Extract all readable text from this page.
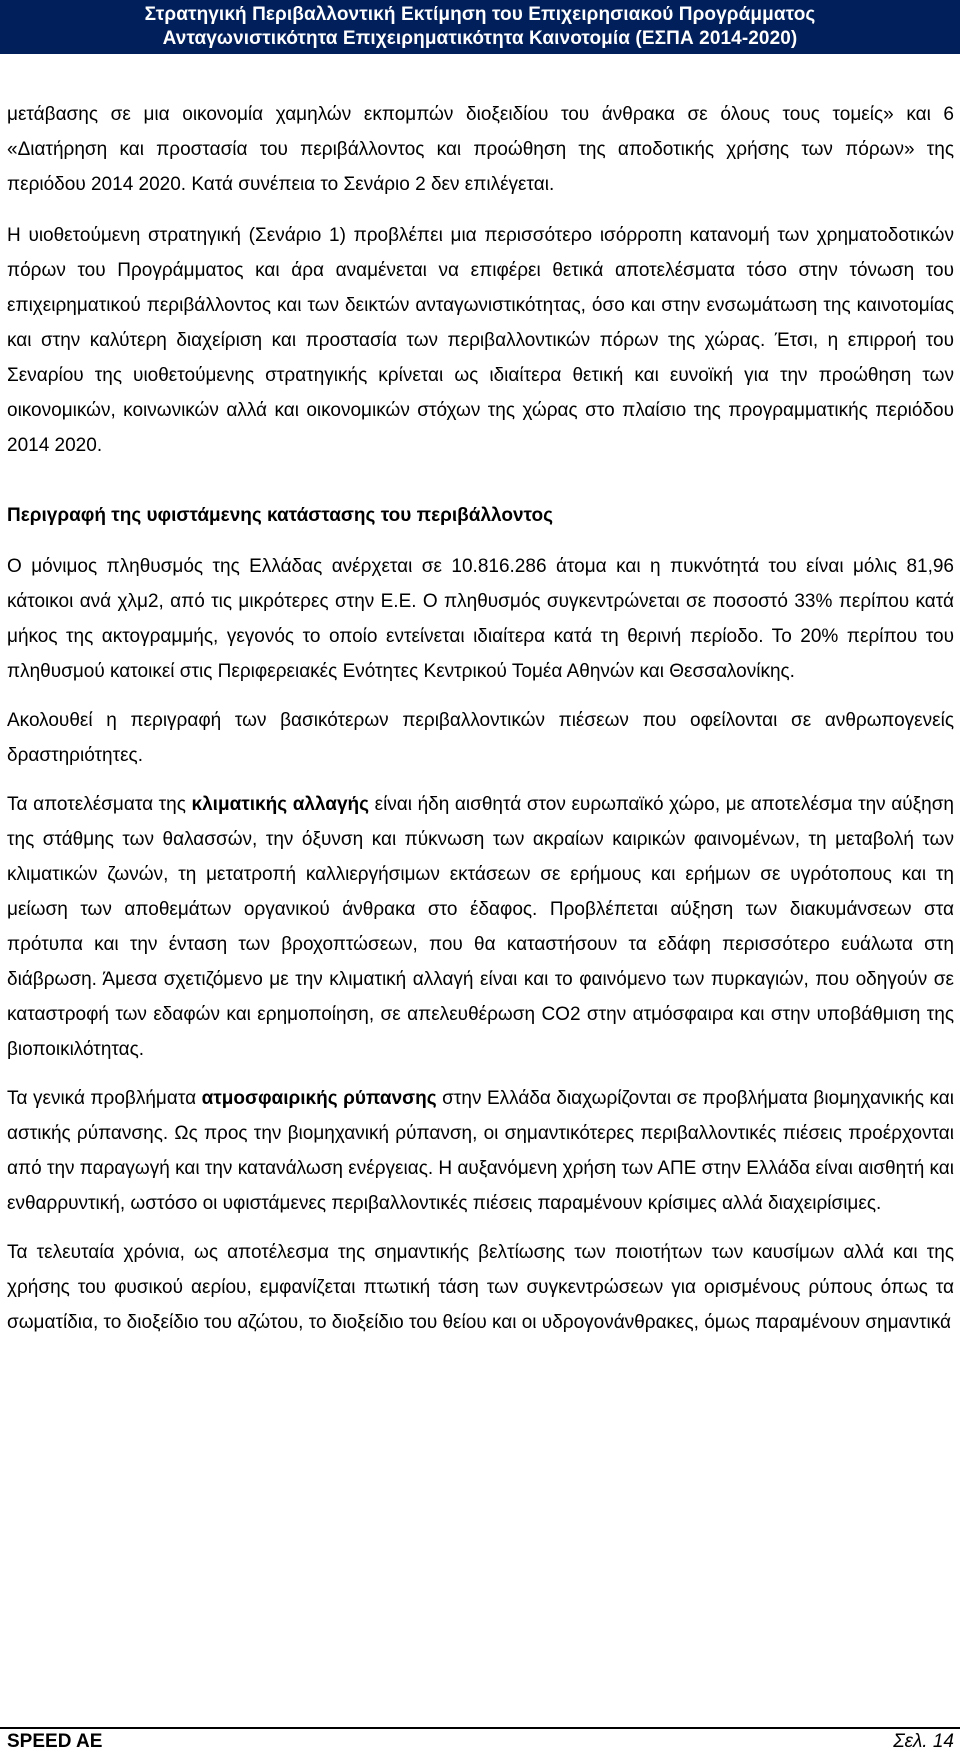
Στρατηγική Περιβαλλοντική Εκτίμηση του Επιχειρησιακού Προγράμματος
Ανταγωνιστικότητα Επιχειρηματικότητα Καινοτομία (ΕΣΠΑ 2014-2020)

μετάβασης σε μια οικονομία χαμηλών εκπομπών διοξειδίου του άνθρακα σε όλους τους τομείς» και 6 «Διατήρηση και προστασία του περιβάλλοντος και προώθηση της αποδοτικής χρήσης των πόρων» της περιόδου 2014 2020. Κατά συνέπεια το Σενάριο 2 δεν επιλέγεται.

Η υιοθετούμενη στρατηγική (Σενάριο 1) προβλέπει μια περισσότερο ισόρροπη κατανομή των χρηματοδοτικών πόρων του Προγράμματος και άρα αναμένεται να επιφέρει θετικά αποτελέσματα τόσο στην τόνωση του επιχειρηματικού περιβάλλοντος και των δεικτών ανταγωνιστικότητας, όσο και στην ενσωμάτωση της καινοτομίας και στην καλύτερη διαχείριση και προστασία των περιβαλλοντικών πόρων της χώρας. Έτσι, η επιρροή του Σεναρίου της υιοθετούμενης στρατηγικής κρίνεται ως ιδιαίτερα θετική και ευνοϊκή για την προώθηση των οικονομικών, κοινωνικών αλλά και οικονομικών στόχων της χώρας στο πλαίσιο της προγραμματικής περιόδου 2014 2020.

Περιγραφή της υφιστάμενης κατάστασης του περιβάλλοντος

Ο μόνιμος πληθυσμός της Ελλάδας ανέρχεται σε 10.816.286 άτομα και η πυκνότητά του είναι μόλις 81,96 κάτοικοι ανά χλμ2, από τις μικρότερες στην Ε.Ε. Ο πληθυσμός συγκεντρώνεται σε ποσοστό 33% περίπου κατά μήκος της ακτογραμμής, γεγονός το οποίο εντείνεται ιδιαίτερα κατά τη θερινή περίοδο. Το 20% περίπου του πληθυσμού κατοικεί στις Περιφερειακές Ενότητες Κεντρικού Τομέα Αθηνών και Θεσσαλονίκης.

Ακολουθεί η περιγραφή των βασικότερων περιβαλλοντικών πιέσεων που οφείλονται σε ανθρωπογενείς δραστηριότητες.

Τα αποτελέσματα της κλιματικής αλλαγής είναι ήδη αισθητά στον ευρωπαϊκό χώρο, με αποτελέσμα την αύξηση της στάθμης των θαλασσών, την όξυνση και πύκνωση των ακραίων καιρικών φαινομένων, τη μεταβολή των κλιματικών ζωνών, τη μετατροπή καλλιεργήσιμων εκτάσεων σε ερήμους και ερήμων σε υγρότοπους και τη μείωση των αποθεμάτων οργανικού άνθρακα στο έδαφος. Προβλέπεται αύξηση των διακυμάνσεων στα πρότυπα και την ένταση των βροχοπτώσεων, που θα καταστήσουν τα εδάφη περισσότερο ευάλωτα στη διάβρωση. Άμεσα σχετιζόμενο με την κλιματική αλλαγή είναι και το φαινόμενο των πυρκαγιών, που οδηγούν σε καταστροφή των εδαφών και ερημοποίηση, σε απελευθέρωση CO2 στην ατμόσφαιρα και στην υποβάθμιση της βιοποικιλότητας.

Τα γενικά προβλήματα ατμοσφαιρικής ρύπανσης στην Ελλάδα διαχωρίζονται σε προβλήματα βιομηχανικής και αστικής ρύπανσης. Ως προς την βιομηχανική ρύπανση, οι σημαντικότερες περιβαλλοντικές πιέσεις προέρχονται από την παραγωγή και την κατανάλωση ενέργειας. Η αυξανόμενη χρήση των ΑΠΕ στην Ελλάδα είναι αισθητή και ενθαρρυντική, ωστόσο οι υφιστάμενες περιβαλλοντικές πιέσεις παραμένουν κρίσιμες αλλά διαχειρίσιμες.

Τα τελευταία χρόνια, ως αποτέλεσμα της σημαντικής βελτίωσης των ποιοτήτων των καυσίμων αλλά και της χρήσης του φυσικού αερίου, εμφανίζεται πτωτική τάση των συγκεντρώσεων για ορισμένους ρύπους όπως τα σωματίδια, το διοξείδιο του αζώτου, το διοξείδιο του θείου και οι υδρογονάνθρακες, όμως παραμένουν σημαντικά

SPEED AE	Σελ. 14
